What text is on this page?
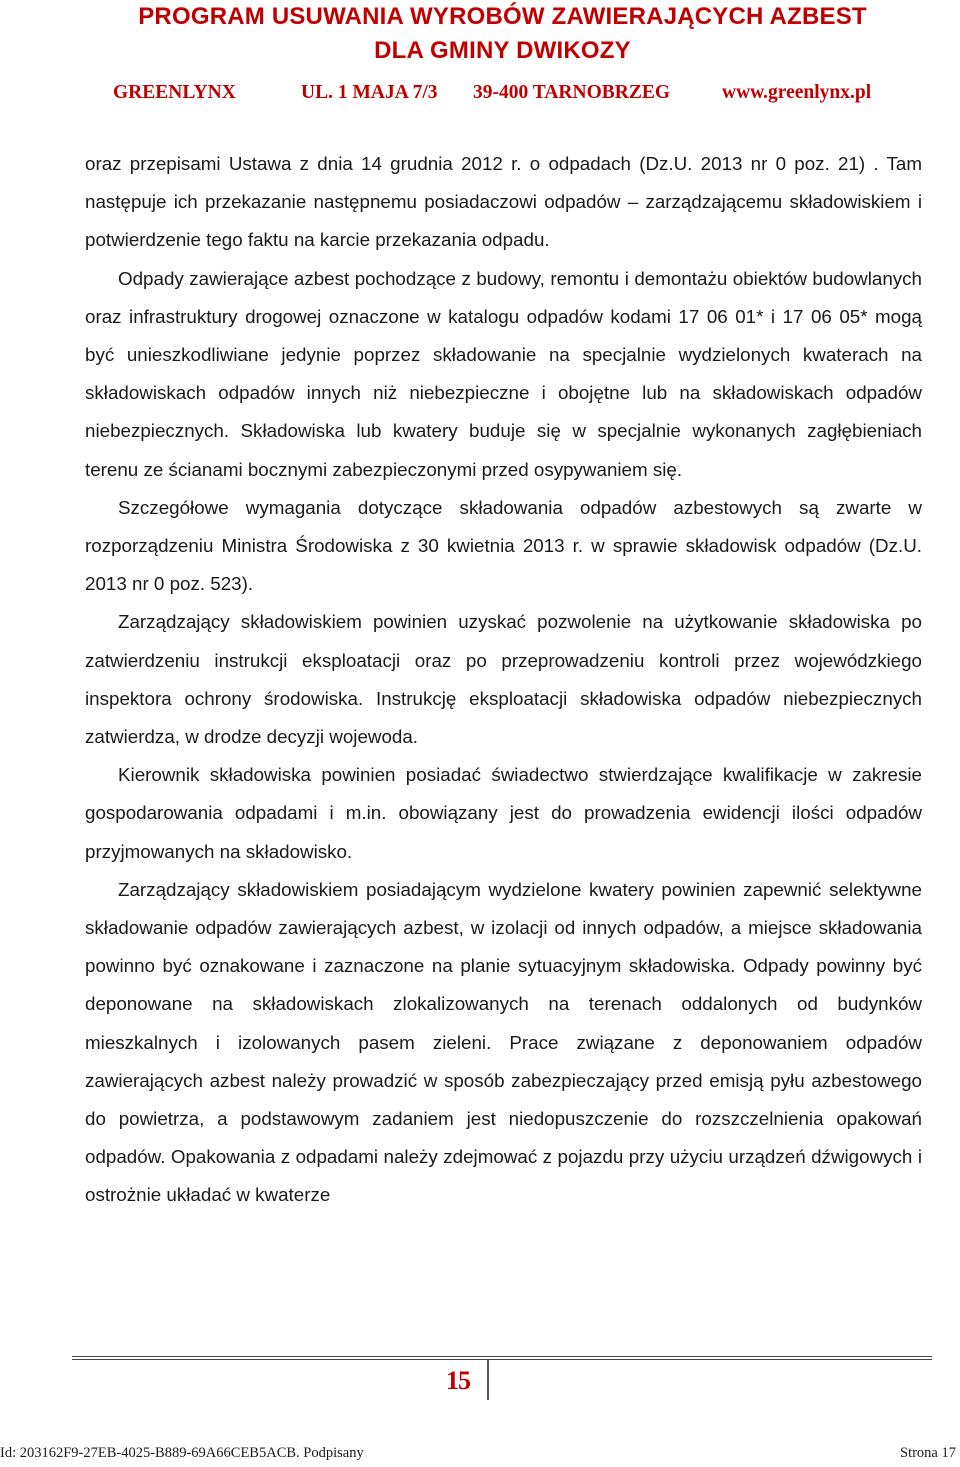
PROGRAM USUWANIA WYROBÓW ZAWIERAJĄCYCH AZBEST
DLA GMINY DWIKOZY
GREENLYNX	UL. 1 MAJA 7/3 39-400 TARNOBRZEG	www.greenlynx.pl

oraz przepisami Ustawa z dnia 14 grudnia 2012 r. o odpadach (Dz.U. 2013 nr 0 poz. 21) . Tam następuje ich przekazanie następnemu posiadaczowi odpadów – zarządzającemu składowiskiem i potwierdzenie tego faktu na karcie przekazania odpadu.

Odpady zawierające azbest pochodzące z budowy, remontu i demontażu obiektów budowlanych oraz infrastruktury drogowej oznaczone w katalogu odpadów kodami 17 06 01* i 17 06 05* mogą być unieszkodliwiane jedynie poprzez składowanie na specjalnie wydzielonych kwaterach na składowiskach odpadów innych niż niebezpieczne i obojętne lub na składowiskach odpadów niebezpiecznych. Składowiska lub kwatery buduje się w specjalnie wykonanych zagłębieniach terenu ze ścianami bocznymi zabezpieczonymi przed osypywaniem się.

Szczegółowe wymagania dotyczące składowania odpadów azbestowych są zwarte w rozporządzeniu Ministra Środowiska z 30 kwietnia 2013 r. w sprawie składowisk odpadów (Dz.U. 2013 nr 0 poz. 523).

Zarządzający składowiskiem powinien uzyskać pozwolenie na użytkowanie składowiska po zatwierdzeniu instrukcji eksploatacji oraz po przeprowadzeniu kontroli przez wojewódzkiego inspektora ochrony środowiska. Instrukcję eksploatacji składowiska odpadów niebezpiecznych zatwierdza, w drodze decyzji wojewoda.

Kierownik składowiska powinien posiadać świadectwo stwierdzające kwalifikacje w zakresie gospodarowania odpadami i m.in. obowiązany jest do prowadzenia ewidencji ilości odpadów przyjmowanych na składowisko.

Zarządzający składowiskiem posiadającym wydzielone kwatery powinien zapewnić selektywne składowanie odpadów zawierających azbest, w izolacji od innych odpadów, a miejsce składowania powinno być oznakowane i zaznaczone na planie sytuacyjnym składowiska. Odpady powinny być deponowane na składowiskach zlokalizowanych na terenach oddalonych od budynków mieszkalnych i izolowanych pasem zieleni. Prace związane z deponowaniem odpadów zawierających azbest należy prowadzić w sposób zabezpieczający przed emisją pyłu azbestowego do powietrza, a podstawowym zadaniem jest niedopuszczenie do rozszczelnienia opakowań odpadów. Opakowania z odpadami należy zdejmować z pojazdu przy użyciu urządzeń dźwigowych i ostrożnie układać w kwaterze

15
Id: 203162F9-27EB-4025-B889-69A66CEB5ACB. Podpisany	Strona 17
